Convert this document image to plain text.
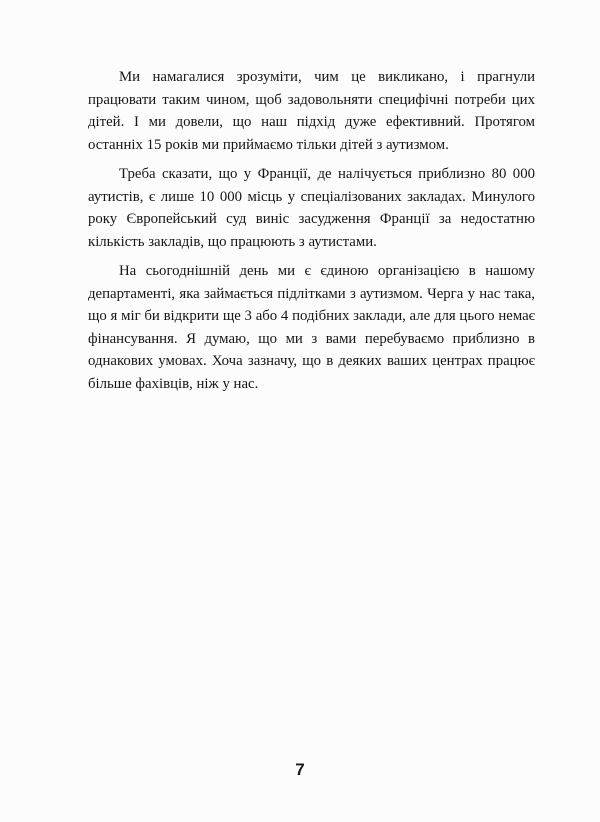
Ми намагалися зрозуміти, чим це викликано, і прагнули працювати таким чином, щоб задовольняти специфічні потреби цих дітей. І ми довели, що наш підхід дуже ефективний. Протягом останніх 15 років ми приймаємо тільки дітей з аутизмом.

Треба сказати, що у Франції, де налічується приблизно 80 000 аутистів, є лише 10 000 місць у спеціалізованих закладах. Минулого року Європейський суд виніс засудження Франції за недостатню кількість закладів, що працюють з аутистами.

На сьогоднішній день ми є єдиною організацією в нашому департаменті, яка займається підлітками з аутизмом. Черга у нас така, що я міг би відкрити ще 3 або 4 подібних заклади, але для цього немає фінансування. Я думаю, що ми з вами перебуваємо приблизно в однакових умовах. Хоча зазначу, що в деяких ваших центрах працює більше фахівців, ніж у нас.

7
